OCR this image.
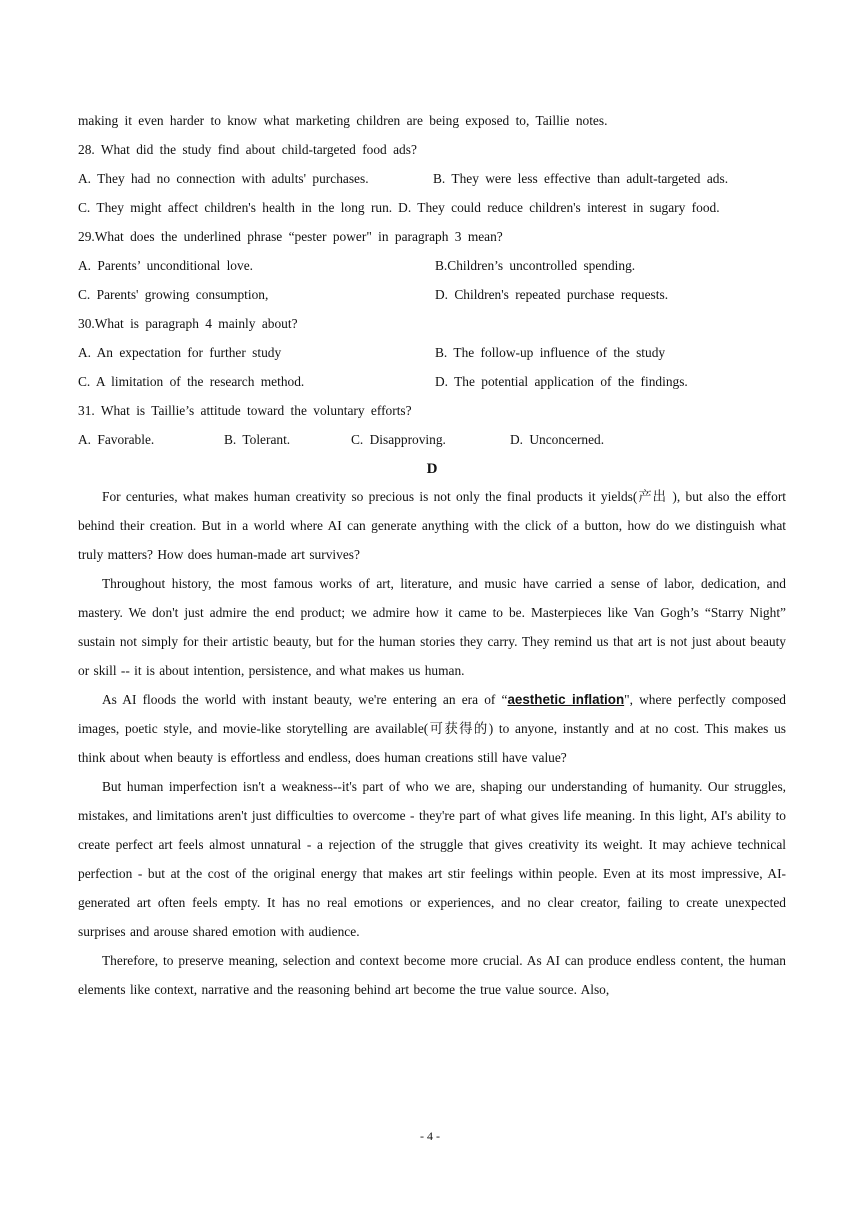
making it even harder to know what marketing children are being exposed to, Taillie notes.
28. What did the study find about child-targeted food ads?
A. They had no connection with adults' purchases.	B. They were less effective than adult-targeted ads.
C. They might affect children's health in the long run. D. They could reduce children's interest in sugary food.
29.What does the underlined phrase “pester power" in paragraph 3 mean?
A. Parents’ unconditional love.	B.Children’s uncontrolled spending.
C. Parents' growing consumption,	D. Children's repeated purchase requests.
30.What is paragraph 4 mainly about?
A. An expectation for further study	B. The follow-up influence of the study
C. A limitation of the research method.	D. The potential application of the findings.
31. What is Taillie’s attitude toward the voluntary efforts?
A. Favorable.	B. Tolerant.	C. Disapproving.	D. Unconcerned.
D

For centuries, what makes human creativity so precious is not only the final products it yields(产出 ), but also the effort behind their creation. But in a world where AI can generate anything with the click of a button, how do we distinguish what truly matters? How does human-made art survives?

Throughout history, the most famous works of art, literature, and music have carried a sense of labor, dedication, and mastery. We don't just admire the end product; we admire how it came to be. Masterpieces like Van Gogh’s “Starry Night” sustain not simply for their artistic beauty, but for the human stories they carry. They remind us that art is not just about beauty or skill -- it is about intention, persistence, and what makes us human.

As AI floods the world with instant beauty, we're entering an era of “aesthetic inflation", where perfectly composed images, poetic style, and movie-like storytelling are available(可获得的) to anyone, instantly and at no cost. This makes us think about when beauty is effortless and endless, does human creations still have value?

But human imperfection isn't a weakness--it's part of who we are, shaping our understanding of humanity. Our struggles, mistakes, and limitations aren't just difficulties to overcome - they're part of what gives life meaning. In this light, AI's ability to create perfect art feels almost unnatural - a rejection of the struggle that gives creativity its weight. It may achieve technical perfection - but at the cost of the original energy that makes art stir feelings within people. Even at its most impressive, AI-generated art often feels empty. It has no real emotions or experiences, and no clear creator, failing to create unexpected surprises and arouse shared emotion with audience.

Therefore, to preserve meaning, selection and context become more crucial. As AI can produce endless content, the human elements like context, narrative and the reasoning behind art become the true value source. Also,

- 4 -
